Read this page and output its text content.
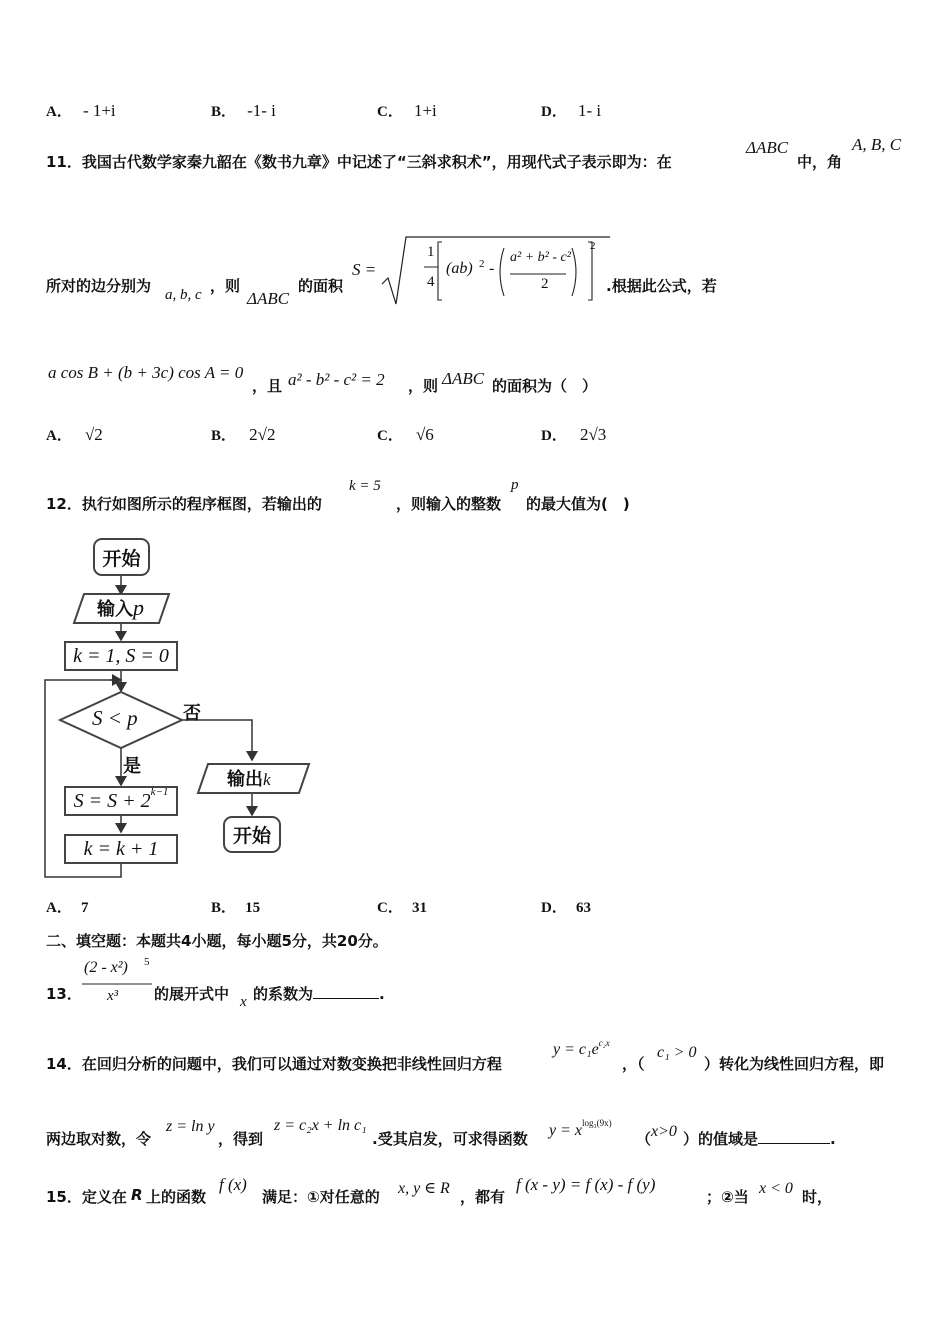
A． - 1+i	B． -1- i	C． 1+i	D． 1- i
11．我国古代数学家秦九韶在《数书九章》中记述了“三斜求积术”，用现代式子表示即为：在
ΔABC
中，角
A, B, C
所对的边分别为 a, b, c ，则
ΔABC
的面积
S =
1
4
(ab) 2 -
a² + b² - c²
2
2
.根据此公式，若
a cos B + (b + 3c) cos A = 0
，且 a² - b² - c² = 2 ，则 ΔABC 的面积为（　）
A． √2	B． 2√2	C． √6	D． 2√3
12．执行如图所示的程序框图，若输出的
k = 5
，则输入的整数
p
的最大值为(　)
开始
输入p
k = 1, S = 0
S < p	否
是
S = S + 2 k−1
k = k + 1
输出k
开始
A． 7	B． 15	C． 31	D． 63
二、填空题：本题共4小题，每小题5分，共20分。
13．
(2 - x²) 5
x³ 的展开式中 x 的系数为	.
14．在回归分析的问题中，我们可以通过对数变换把非线性回归方程
$y = c_1e^{c_2x}$
，（
c₁ > 0
）转化为线性回归方程，即
两边取对数，令
z = ln y
，得到
z = c₂x + ln c₁
.受其启发，可求得函数 $y = x^{log_3(9x)}$
（ x>0 ）的值域是	.
15．定义在 R 上的函数
f (x)
满足：①对任意的 x, y ∈ R ，都有
f (x - y) = f (x) - f (y)
；②当 x < 0 时，
